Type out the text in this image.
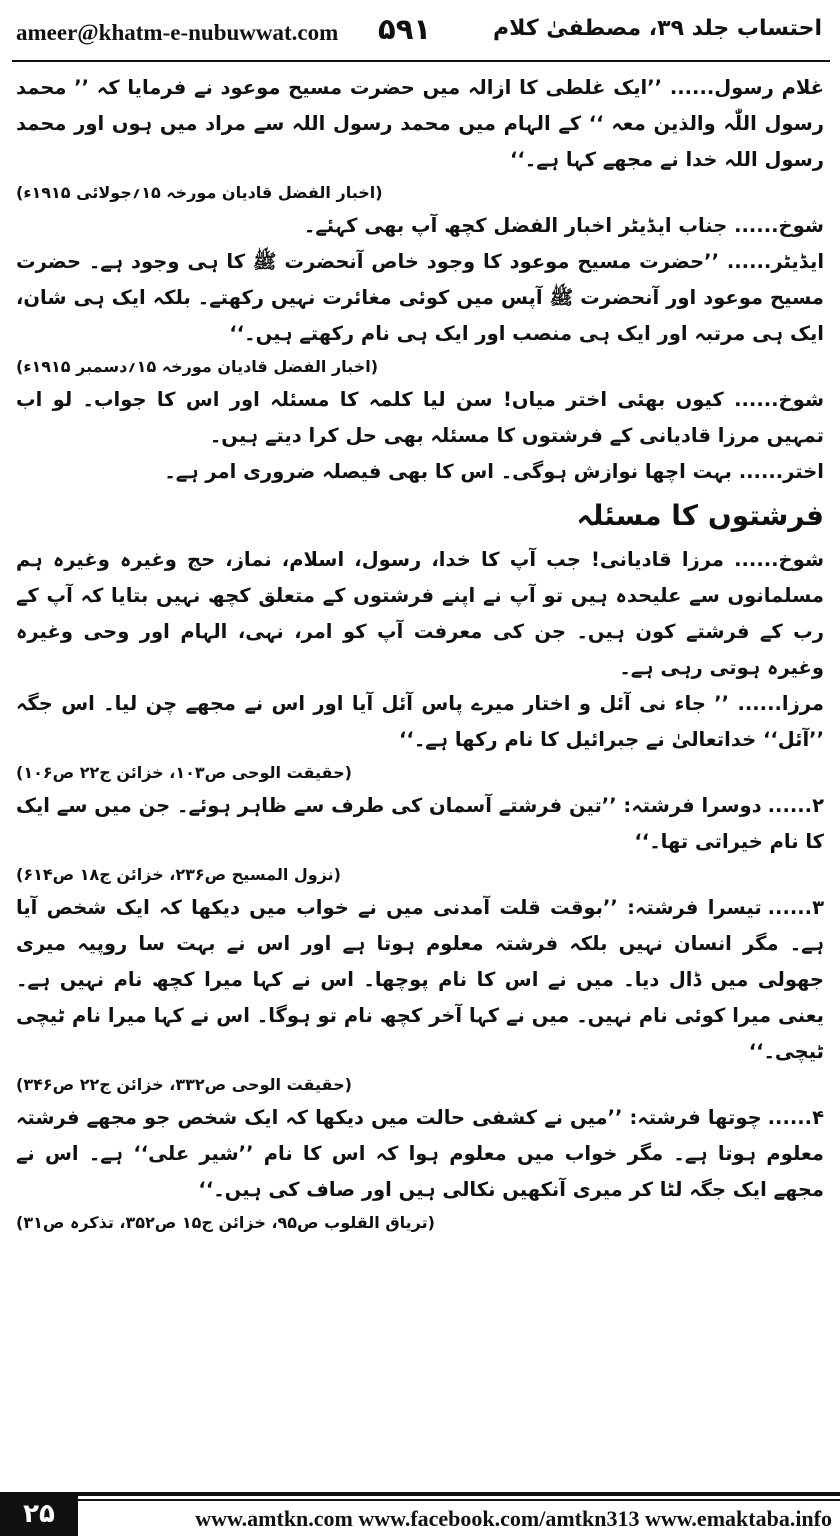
ameer@khatm-e-nubuwwat.com ۵۹۱	احتساب جلد ۳۹، مصطفیٰ کلام

غلام رسول...... ’’ایک غلطی کا ازالہ میں حضرت مسیح موعود نے فرمایا کہ ’’ محمد رسول اللّٰہ والذین معہ ‘‘ کے الہام میں محمد رسول اللہ سے مراد میں ہوں اور محمد رسول اللہ خدا نے مجھے کہا ہے۔‘‘

(اخبار الفضل قادیان مورخہ ۱۵؍جولائی ۱۹۱۵ء)

شوخ...... جناب ایڈیٹر اخبار الفضل کچھ آپ بھی کہئے۔

ایڈیٹر...... ’’حضرت مسیح موعود کا وجود خاص آنحضرت ﷺ کا ہی وجود ہے۔ حضرت مسیح موعود اور آنحضرت ﷺ آپس میں کوئی مغائرت نہیں رکھتے۔ بلکہ ایک ہی شان، ایک ہی مرتبہ اور ایک ہی منصب اور ایک ہی نام رکھتے ہیں۔‘‘

(اخبار الفضل قادیان مورخہ ۱۵؍دسمبر ۱۹۱۵ء)

شوخ...... کیوں بھئی اختر میاں! سن لیا کلمہ کا مسئلہ اور اس کا جواب۔ لو اب تمہیں مرزا قادیانی کے فرشتوں کا مسئلہ بھی حل کرا دیتے ہیں۔

اختر...... بہت اچھا نوازش ہوگی۔ اس کا بھی فیصلہ ضروری امر ہے۔

فرشتوں کا مسئلہ

شوخ...... مرزا قادیانی! جب آپ کا خدا، رسول، اسلام، نماز، حج وغیرہ وغیرہ ہم مسلمانوں سے علیحدہ ہیں تو آپ نے اپنے فرشتوں کے متعلق کچھ نہیں بتایا کہ آپ کے رب کے فرشتے کون ہیں۔ جن کی معرفت آپ کو امر، نہی، الہام اور وحی وغیرہ وغیرہ ہوتی رہی ہے۔

مرزا...... ’’ جاء نی آئل و اختار میرے پاس آئل آیا اور اس نے مجھے چن لیا۔ اس جگہ ’’آئل‘‘ خداتعالیٰ نے جبرائیل کا نام رکھا ہے۔‘‘

(حقیقت الوحی ص۱۰۳، خزائن ج۲۲ ص۱۰۶)

۲......دوسرا فرشتہ: ’’تین فرشتے آسمان کی طرف سے ظاہر ہوئے۔ جن میں سے ایک کا نام خیراتی تھا۔‘‘

(نزول المسیح ص۲۳۶، خزائن ج۱۸ ص۶۱۴)

۳......تیسرا فرشتہ: ’’بوقت قلت آمدنی میں نے خواب میں دیکھا کہ ایک شخص آیا ہے۔ مگر انسان نہیں بلکہ فرشتہ معلوم ہوتا ہے اور اس نے بہت سا روپیہ میری جھولی میں ڈال دیا۔ میں نے اس کا نام پوچھا۔ اس نے کہا میرا کچھ نام نہیں ہے۔ یعنی میرا کوئی نام نہیں۔ میں نے کہا آخر کچھ نام تو ہوگا۔ اس نے کہا میرا نام ٹیچی ٹیچی۔‘‘

(حقیقت الوحی ص۳۳۲، خزائن ج۲۲ ص۳۴۶)

۴......چوتھا فرشتہ: ’’میں نے کشفی حالت میں دیکھا کہ ایک شخص جو مجھے فرشتہ معلوم ہوتا ہے۔ مگر خواب میں معلوم ہوا کہ اس کا نام ’’شیر علی‘‘ ہے۔ اس نے مجھے ایک جگہ لٹا کر میری آنکھیں نکالی ہیں اور صاف کی ہیں۔‘‘

(تریاق القلوب ص۹۵، خزائن ج۱۵ ص۳۵۲، تذکرہ ص۳۱)
۲۵	www.amtkn.com www.facebook.com/amtkn313 www.emaktaba.info
